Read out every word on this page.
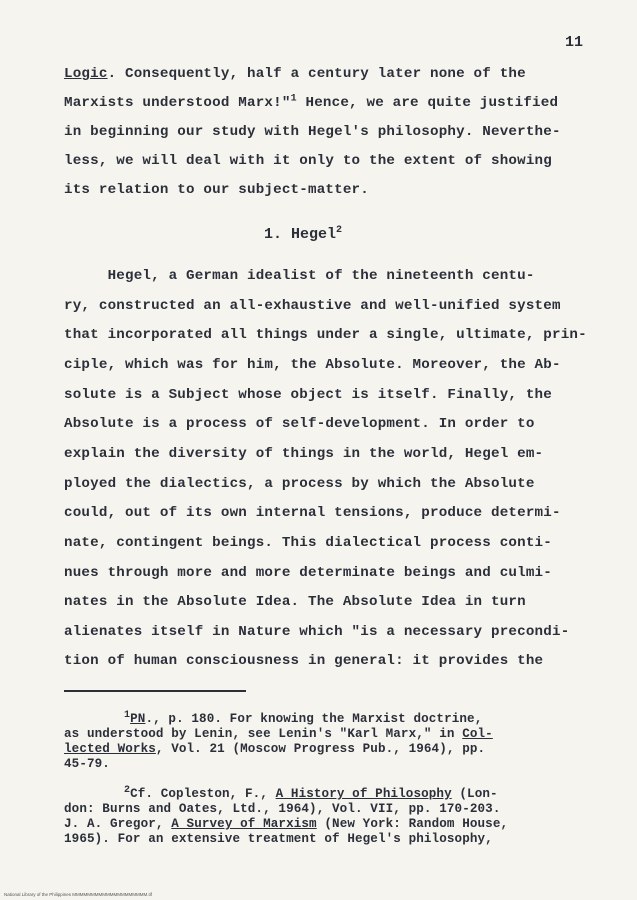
11
Logic. Consequently, half a century later none of the
Marxists understood Marx!"$^1$ Hence, we are quite justified
in beginning our study with Hegel's philosophy. Neverthe-
less, we will deal with it only to the extent of showing
its relation to our subject-matter.
1. Hegel$^2$
Hegel, a German idealist of the nineteenth centu-
ry, constructed an all-exhaustive and well-unified system
that incorporated all things under a single, ultimate, prin-
ciple, which was for him, the Absolute. Moreover, the Ab-
solute is a Subject whose object is itself. Finally, the
Absolute is a process of self-development. In order to
explain the diversity of things in the world, Hegel em-
ployed the dialectics, a process by which the Absolute
could, out of its own internal tensions, produce determi-
nate, contingent beings. This dialectical process conti-
nues through more and more determinate beings and culmi-
nates in the Absolute Idea. The Absolute Idea in turn
alienates itself in Nature which "is a necessary precondi-
tion of human consciousness in general: it provides the
$^1$PN., p. 180. For knowing the Marxist doctrine,
as understood by Lenin, see Lenin's "Karl Marx," in Col-
lected Works, Vol. 21 (Moscow Progress Pub., 1964), pp.
45-79.
$^2$Cf. Copleston, F., A History of Philosophy (Lon-
don: Burns and Oates, Ltd., 1964), Vol. VII, pp. 170-203.
J. A. Gregor, A Survey of Marxism (New York: Random House,
1965). For an extensive treatment of Hegel's philosophy,
National Library of the Philippines MMMMMMMMMMMMMMMMMMMM.tif
